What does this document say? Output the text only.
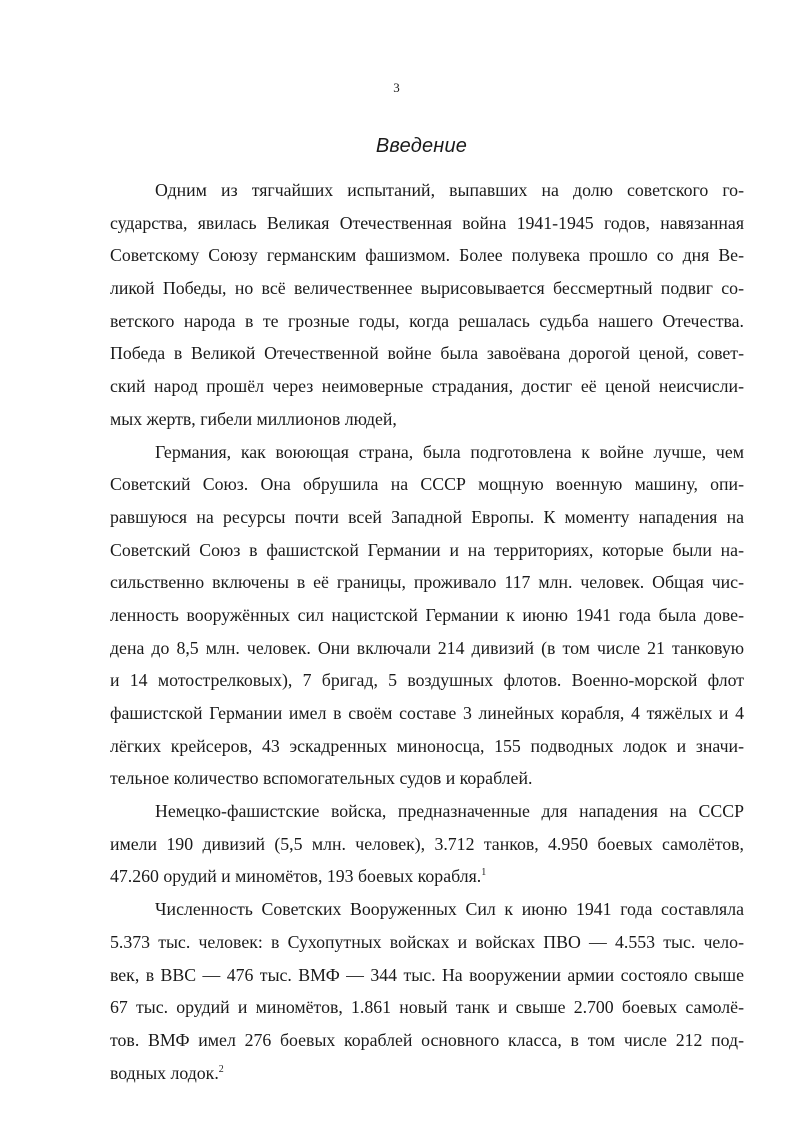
3
Введение
Одним из тягчайших испытаний, выпавших на долю советского го-
сударства, явилась Великая Отечественная война 1941-1945 годов, навязанная
Советскому Союзу германским фашизмом. Более полувека прошло со дня Ве-
ликой Победы, но всё величественнее вырисовывается бессмертный подвиг со-
ветского народа в те грозные годы, когда решалась судьба нашего Отечества.
Победа в Великой Отечественной войне была завоёвана дорогой ценой, совет-
ский народ прошёл через неимоверные страдания, достиг её ценой неисчисли-
мых жертв, гибели миллионов людей,
Германия, как воюющая страна, была подготовлена к войне лучше, чем
Советский Союз. Она обрушила на СССР мощную военную машину, опи-
равшуюся на ресурсы почти всей Западной Европы. К моменту нападения на
Советский Союз в фашистской Германии и на территориях, которые были на-
сильственно включены в её границы, проживало 117 млн. человек. Общая чис-
ленность вооружённых сил нацистской Германии к июню 1941 года была дове-
дена до 8,5 млн. человек. Они включали 214 дивизий (в том числе 21 танковую
и 14 мотострелковых), 7 бригад, 5 воздушных флотов. Военно-морской флот
фашистской Германии имел в своём составе 3 линейных корабля, 4 тяжёлых и 4
лёгких крейсеров, 43 эскадренных миноносца, 155 подводных лодок и значи-
тельное количество вспомогательных судов и кораблей.
Немецко-фашистские войска, предназначенные для нападения на СССР
имели 190 дивизий (5,5 млн. человек), 3.712 танков, 4.950 боевых самолётов,
47.260 орудий и миномётов, 193 боевых корабля.$^1$
Численность Советских Вооруженных Сил к июню 1941 года составляла
5.373 тыс. человек: в Сухопутных войсках и войсках ПВО — 4.553 тыс. чело-
век, в ВВС — 476 тыс. ВМФ — 344 тыс. На вооружении армии состояло свыше
67 тыс. орудий и миномётов, 1.861 новый танк и свыше 2.700 боевых самолё-
тов. ВМФ имел 276 боевых кораблей основного класса, в том числе 212 под-
водных лодок.$^2$
